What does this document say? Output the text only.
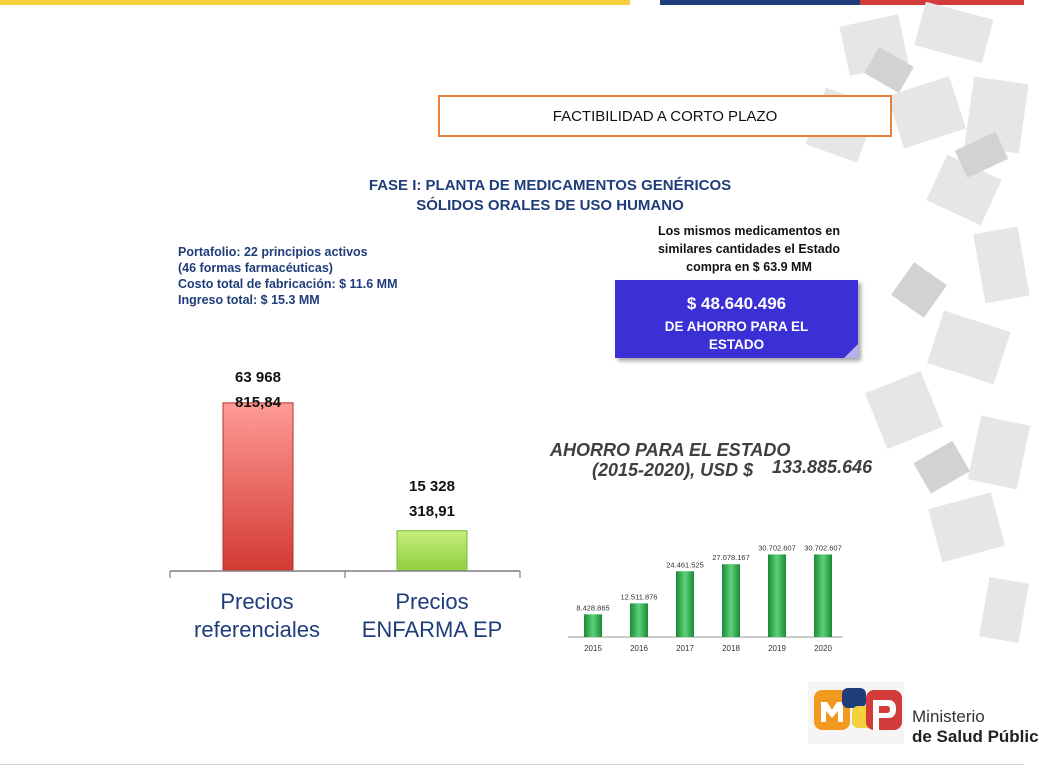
FACTIBILIDAD A CORTO PLAZO
FASE I: PLANTA DE MEDICAMENTOS GENÉRICOS
SÓLIDOS ORALES DE USO HUMANO
Portafolio: 22 principios activos
(46 formas farmacéuticas)
Costo total de fabricación: $ 11.6 MM
Ingreso total: $ 15.3 MM
Los mismos medicamentos en
similares cantidades el Estado
compra en $ 63.9 MM
$ 48.640.496
DE AHORRO PARA EL
ESTADO
63 968
815,84
15 328
318,91
Precios
referenciales
Precios
ENFARMA EP
AHORRO PARA EL ESTADO
(2015-2020), USD $ 133.885.646
8.428.865
2015
12.511.876
2016
24.461.525
2017
27.078.167
2018
30.702.607
2019
30.702.607
2020
Ministerio
de Salud Públic
